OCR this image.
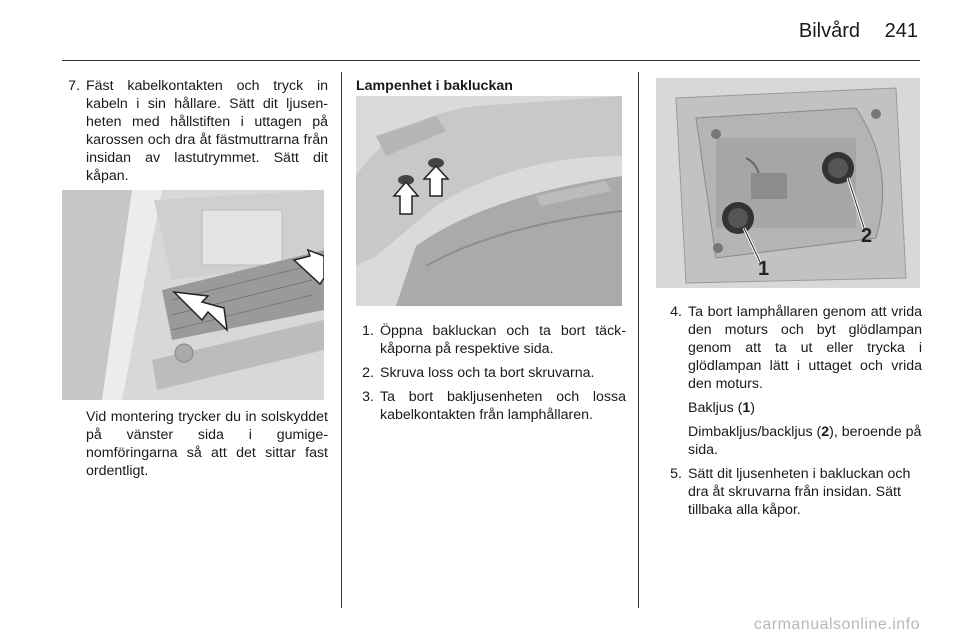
Bilvård 241
7. Fäst kabelkontakten och tryck in kabeln i sin hållare. Sätt dit ljusenheten med hållstiften i uttagen på karossen och dra åt fästmuttrarna från insidan av lastutrymmet. Sätt dit kåpan.
Vid montering trycker du in solskyddet på vänster sida i gumigenomföringarna så att det sittar fast ordentligt.
Lampenhet i bakluckan
1. Öppna bakluckan och ta bort täckkåporna på respektive sida.
2. Skruva loss och ta bort skruvarna.
3. Ta bort bakljusenheten och lossa kabelkontakten från lamphållaren.
1
2
4. Ta bort lamphållaren genom att vrida den moturs och byt glödlampan genom att ta ut eller trycka i glödlampan lätt i uttaget och vrida den moturs.
Bakljus (1)
Dimbakljus/backljus (2), beroende på sida.
5. Sätt dit ljusenheten i bakluckan och dra åt skruvarna från insidan. Sätt tillbaka alla kåpor.
carmanualsonline.info
